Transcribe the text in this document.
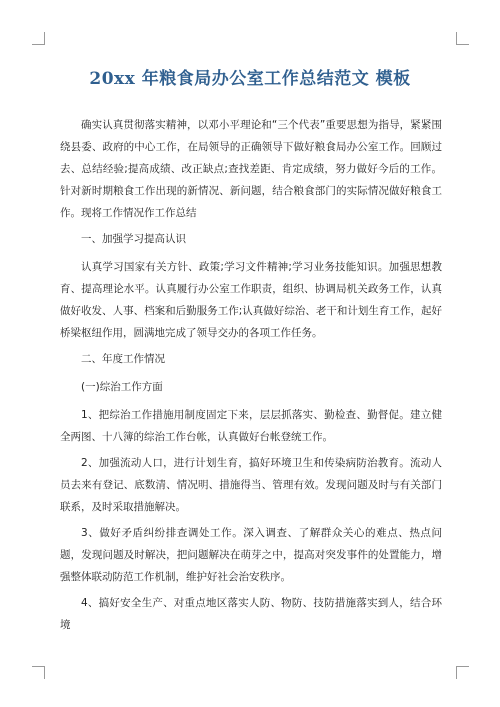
20xx 年粮食局办公室工作总结范文 模板

确实认真贯彻落实精神，以邓小平理论和“三个代表”重要思想为指导，紧紧围绕县委、政府的中心工作，在局领导的正确领导下做好粮食局办公室工作。回顾过去、总结经验;提高成绩、改正缺点;查找差距、肯定成绩，努力做好今后的工作。针对新时期粮食工作出现的新情况、新问题，结合粮食部门的实际情况做好粮食工作。现将工作情况作工作总结

一、加强学习提高认识

认真学习国家有关方针、政策;学习文件精神;学习业务技能知识。加强思想教育、提高理论水平。认真履行办公室工作职责，组织、协调局机关政务工作，认真做好收发、人事、档案和后勤服务工作;认真做好综治、老干和计划生育工作，起好桥梁枢纽作用，圆满地完成了领导交办的各项工作任务。

二、年度工作情况

(一)综治工作方面

1、把综治工作措施用制度固定下来，层层抓落实、勤检查、勤督促。建立健全两图、十八簿的综治工作台帐，认真做好台帐登统工作。

2、加强流动人口，进行计划生育，搞好环境卫生和传染病防治教育。流动人员去来有登记、底数清、情况明、措施得当、管理有效。发现问题及时与有关部门联系，及时采取措施解决。

3、做好矛盾纠纷排查调处工作。深入调查、了解群众关心的难点、热点问题，发现问题及时解决，把问题解决在萌芽之中，提高对突发事件的处置能力，增强整体联动防范工作机制，维护好社会治安秩序。

4、搞好安全生产、对重点地区落实人防、物防、技防措施落实到人，结合环境
